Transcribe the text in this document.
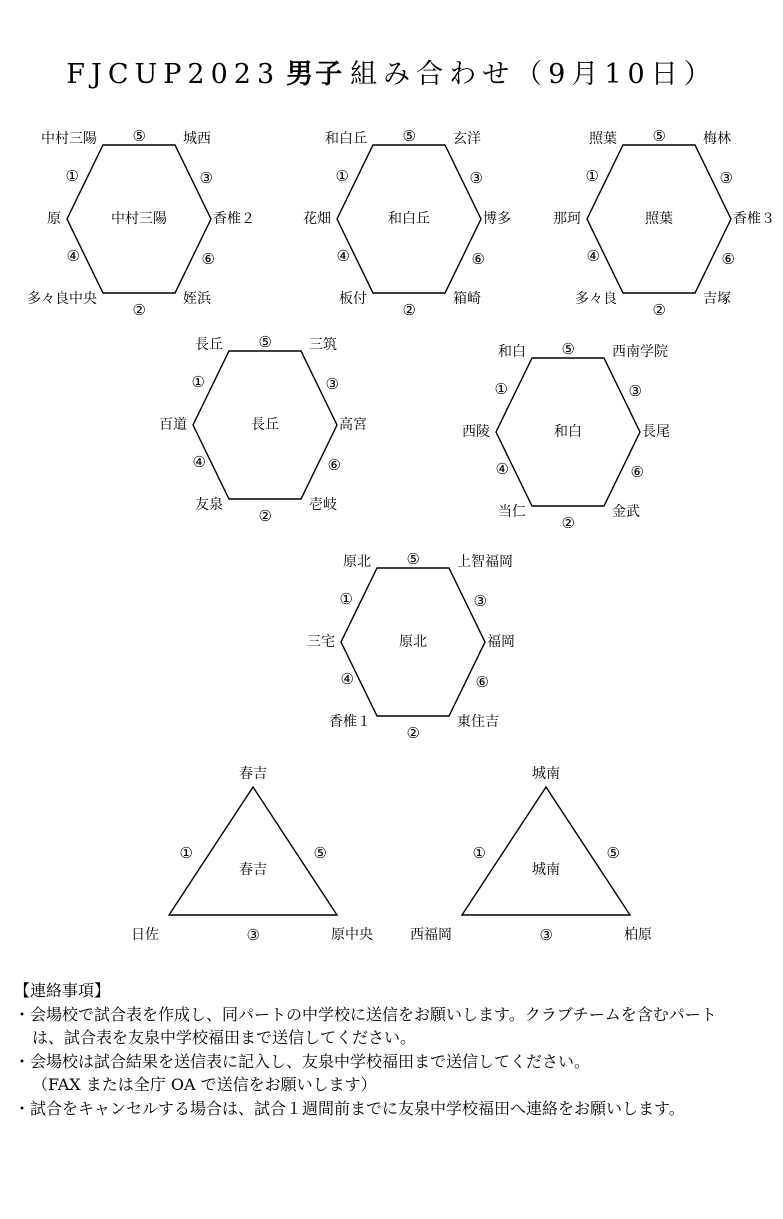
FJCUP2023 男子 組み合わせ（9月10日）
中村三陽	城西
香椎２
姪浜
多々良中央
原	中村三陽
⑤
③
⑥
②
④
①
和白丘	玄洋
博多
箱崎
板付
花畑	和白丘
⑤
③
⑥
②
④
①
照葉	梅林
香椎３
吉塚
多々良
那珂	照葉
⑤
③
⑥
②
④
①
長丘	三筑
高宮
壱岐
友泉
百道	長丘
⑤
③
⑥
②
④
①
和白	西南学院
長尾
金武
当仁
西陵	和白
⑤
③
⑥
②
④
①
原北	上智福岡
福岡
東住吉
香椎１
三宅	原北
⑤
③
⑥
②
④
①
春吉
原中央
日佐
春吉
⑤
③
①
城南
柏原
西福岡
城南
⑤
③
①

【連絡事項】

・会場校で試合表を作成し、同パートの中学校に送信をお願いします。クラブチームを含むパート

は、試合表を友泉中学校福田まで送信してください。

・会場校は試合結果を送信表に記入し、友泉中学校福田まで送信してください。

（FAX または全庁 OA で送信をお願いします）

・試合をキャンセルする場合は、試合１週間前までに友泉中学校福田へ連絡をお願いします。
